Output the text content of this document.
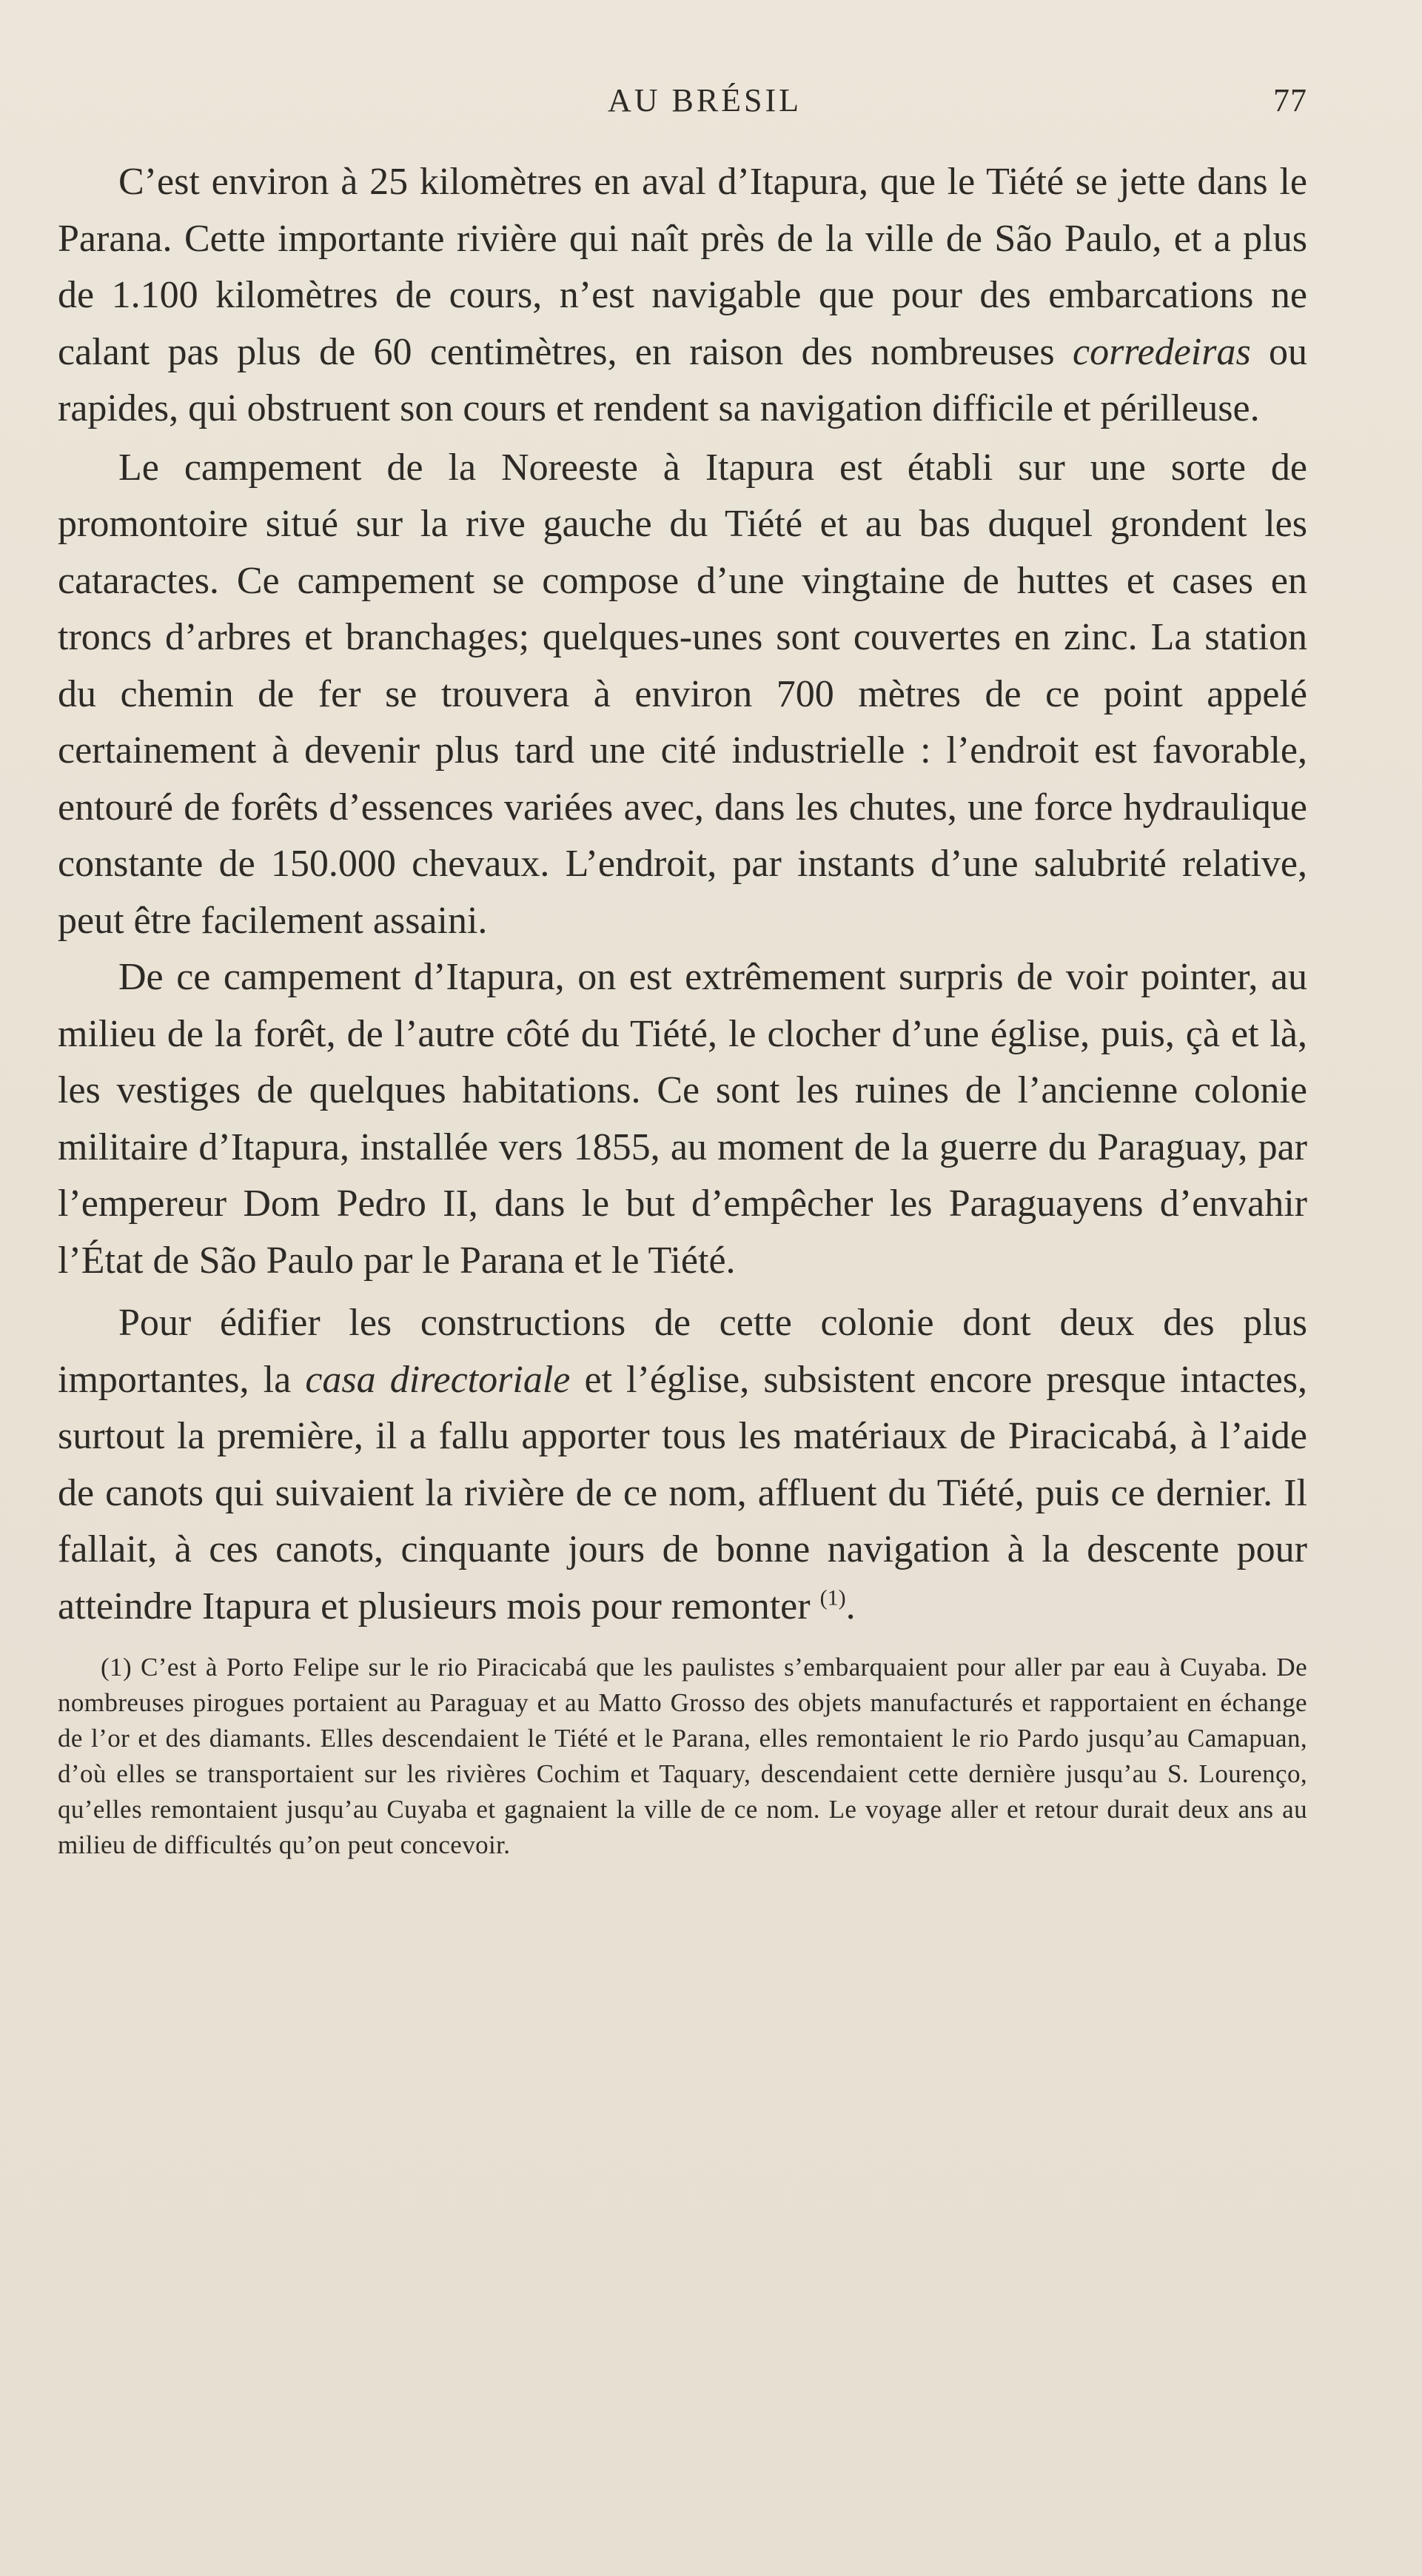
AU BRÉSIL	77

C’est environ à 25 kilomètres en aval d’Itapura, que le Tiété se jette dans le Parana. Cette importante rivière qui naît près de la ville de São Paulo, et a plus de 1.100 kilomètres de cours, n’est navigable que pour des embarcations ne calant pas plus de 60 centimètres, en raison des nombreuses corredeiras ou rapides, qui obstruent son cours et rendent sa navigation difficile et périlleuse.

Le campement de la Noreeste à Itapura est établi sur une sorte de promontoire situé sur la rive gauche du Tiété et au bas duquel grondent les cataractes. Ce campement se compose d’une vingtaine de huttes et cases en troncs d’arbres et branchages; quelques-unes sont couvertes en zinc. La station du chemin de fer se trouvera à environ 700 mètres de ce point appelé certainement à devenir plus tard une cité industrielle : l’endroit est favorable, entouré de forêts d’essences variées avec, dans les chutes, une force hydraulique constante de 150.000 chevaux. L’endroit, par instants d’une salubrité relative, peut être facilement assaini.

De ce campement d’Itapura, on est extrêmement surpris de voir pointer, au milieu de la forêt, de l’autre côté du Tiété, le clocher d’une église, puis, çà et là, les vestiges de quelques habitations. Ce sont les ruines de l’ancienne colonie militaire d’Itapura, installée vers 1855, au moment de la guerre du Paraguay, par l’empereur Dom Pedro II, dans le but d’empêcher les Paraguayens d’envahir l’État de São Paulo par le Parana et le Tiété.

Pour édifier les constructions de cette colonie dont deux des plus importantes, la casa directoriale et l’église, subsistent encore presque intactes, surtout la première, il a fallu apporter tous les matériaux de Piracicabá, à l’aide de canots qui suivaient la rivière de ce nom, affluent du Tiété, puis ce dernier. Il fallait, à ces canots, cinquante jours de bonne navigation à la descente pour atteindre Itapura et plusieurs mois pour remonter $^{(1)}$.

(1) C’est à Porto Felipe sur le rio Piracicabá que les paulistes s’embarquaient pour aller par eau à Cuyaba. De nombreuses pirogues portaient au Paraguay et au Matto Grosso des objets manufacturés et rapportaient en échange de l’or et des diamants. Elles descendaient le Tiété et le Parana, elles remontaient le rio Pardo jusqu’au Camapuan, d’où elles se transportaient sur les rivières Cochim et Taquary, descendaient cette dernière jusqu’au S. Lourenço, qu’elles remontaient jusqu’au Cuyaba et gagnaient la ville de ce nom. Le voyage aller et retour durait deux ans au milieu de difficultés qu’on peut concevoir.
